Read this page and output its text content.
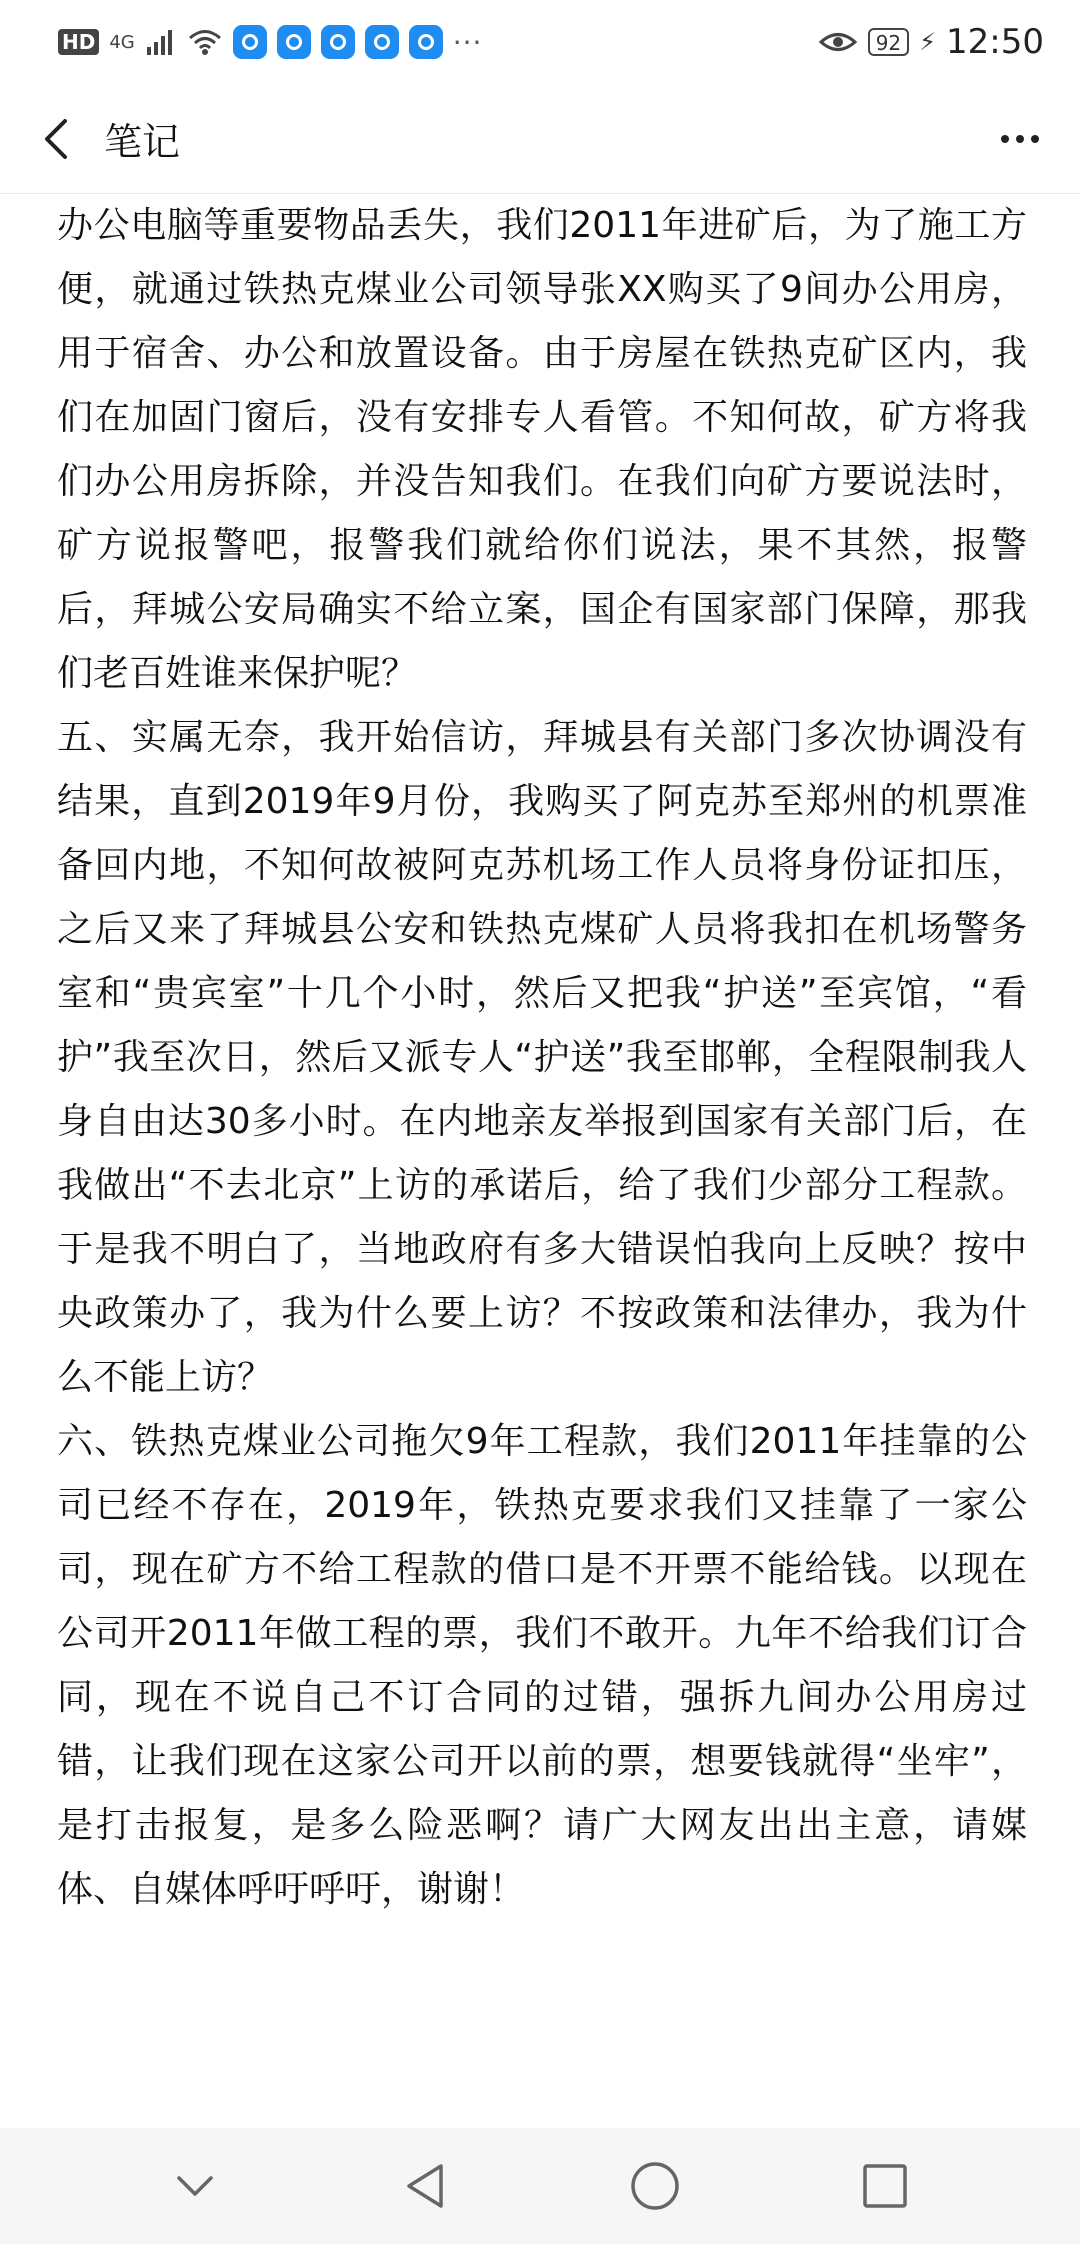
HD 4G	···	92 ⚡ 12:50
笔记

办公电脑等重要物品丢失，我们2011年进矿后，为了施工方便，就通过铁热克煤业公司领导张XX购买了9间办公用房，用于宿舍、办公和放置设备。由于房屋在铁热克矿区内，我们在加固门窗后，没有安排专人看管。不知何故，矿方将我们办公用房拆除，并没告知我们。在我们向矿方要说法时，矿方说报警吧，报警我们就给你们说法，果不其然，报警后，拜城公安局确实不给立案，国企有国家部门保障，那我们老百姓谁来保护呢？

五、实属无奈，我开始信访，拜城县有关部门多次协调没有结果，直到2019年9月份，我购买了阿克苏至郑州的机票准备回内地，不知何故被阿克苏机场工作人员将身份证扣压，之后又来了拜城县公安和铁热克煤矿人员将我扣在机场警务室和“贵宾室”十几个小时，然后又把我“护送”至宾馆，“看护”我至次日，然后又派专人“护送”我至邯郸，全程限制我人身自由达30多小时。在内地亲友举报到国家有关部门后，在我做出“不去北京”上访的承诺后，给了我们少部分工程款。于是我不明白了，当地政府有多大错误怕我向上反映？按中央政策办了，我为什么要上访？不按政策和法律办，我为什么不能上访？

六、铁热克煤业公司拖欠9年工程款，我们2011年挂靠的公司已经不存在，2019年，铁热克要求我们又挂靠了一家公司，现在矿方不给工程款的借口是不开票不能给钱。以现在公司开2011年做工程的票，我们不敢开。九年不给我们订合同，现在不说自己不订合同的过错，强拆九间办公用房过错，让我们现在这家公司开以前的票，想要钱就得“坐牢”，是打击报复，是多么险恶啊？请广大网友出出主意，请媒体、自媒体呼吁呼吁，谢谢！
